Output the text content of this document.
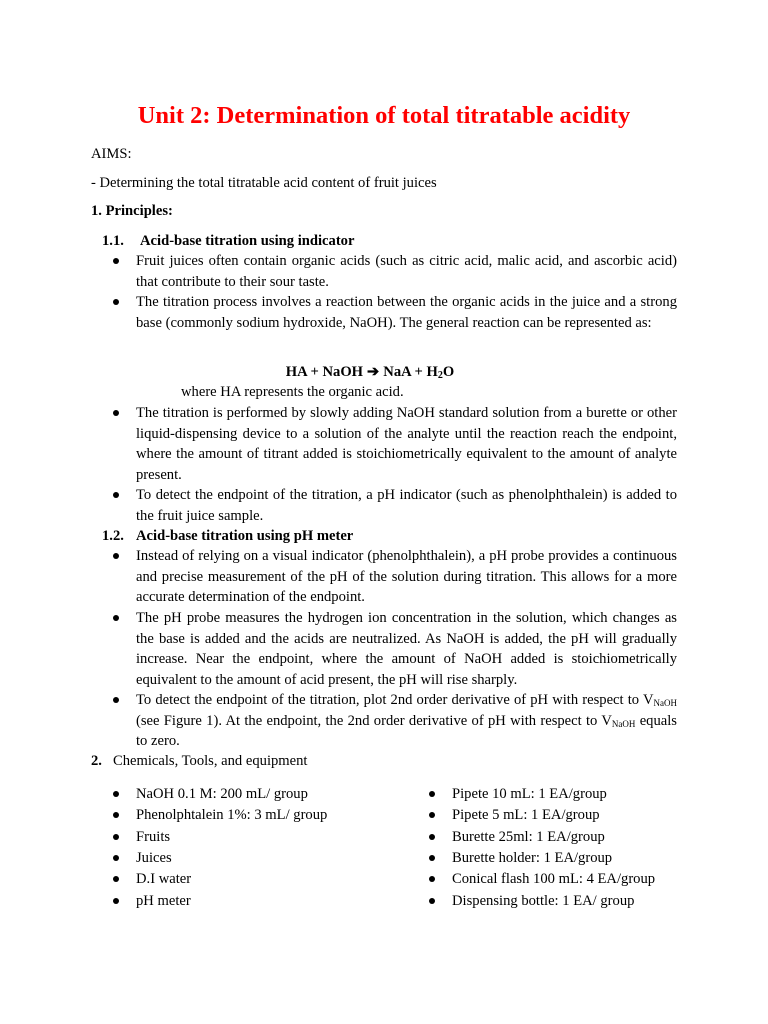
Unit 2: Determination of total titratable acidity
AIMS:
- Determining the total titratable acid content of fruit juices
1. Principles:
1.1. Acid-base titration using indicator
Fruit juices often contain organic acids (such as citric acid, malic acid, and ascorbic acid) that contribute to their sour taste.
The titration process involves a reaction between the organic acids in the juice and a strong base (commonly sodium hydroxide, NaOH). The general reaction can be represented as:
HA + NaOH ➔ NaA + H2O
where HA represents the organic acid.
The titration is performed by slowly adding NaOH standard solution from a burette or other liquid-dispensing device to a solution of the analyte until the reaction reach the endpoint, where the amount of titrant added is stoichiometrically equivalent to the amount of analyte present.
To detect the endpoint of the titration, a pH indicator (such as phenolphthalein) is added to the fruit juice sample.
1.2. Acid-base titration using pH meter
Instead of relying on a visual indicator (phenolphthalein), a pH probe provides a continuous and precise measurement of the pH of the solution during titration. This allows for a more accurate determination of the endpoint.
The pH probe measures the hydrogen ion concentration in the solution, which changes as the base is added and the acids are neutralized. As NaOH is added, the pH will gradually increase. Near the endpoint, where the amount of NaOH added is stoichiometrically equivalent to the amount of acid present, the pH will rise sharply.
To detect the endpoint of the titration, plot 2nd order derivative of pH with respect to $V_{NaOH}$ (see Figure 1). At the endpoint, the 2nd order derivative of pH with respect to $V_{NaOH}$ equals to zero.
2. Chemicals, Tools, and equipment
NaOH 0.1 M: 200 mL/ group
Phenolphtalein 1%: 3 mL/ group
Fruits
Juices
D.I water
pH meter
Pipete 10 mL: 1 EA/group
Pipete 5 mL: 1 EA/group
Burette 25ml: 1 EA/group
Burette holder: 1 EA/group
Conical flash 100 mL: 4 EA/group
Dispensing bottle: 1 EA/ group
